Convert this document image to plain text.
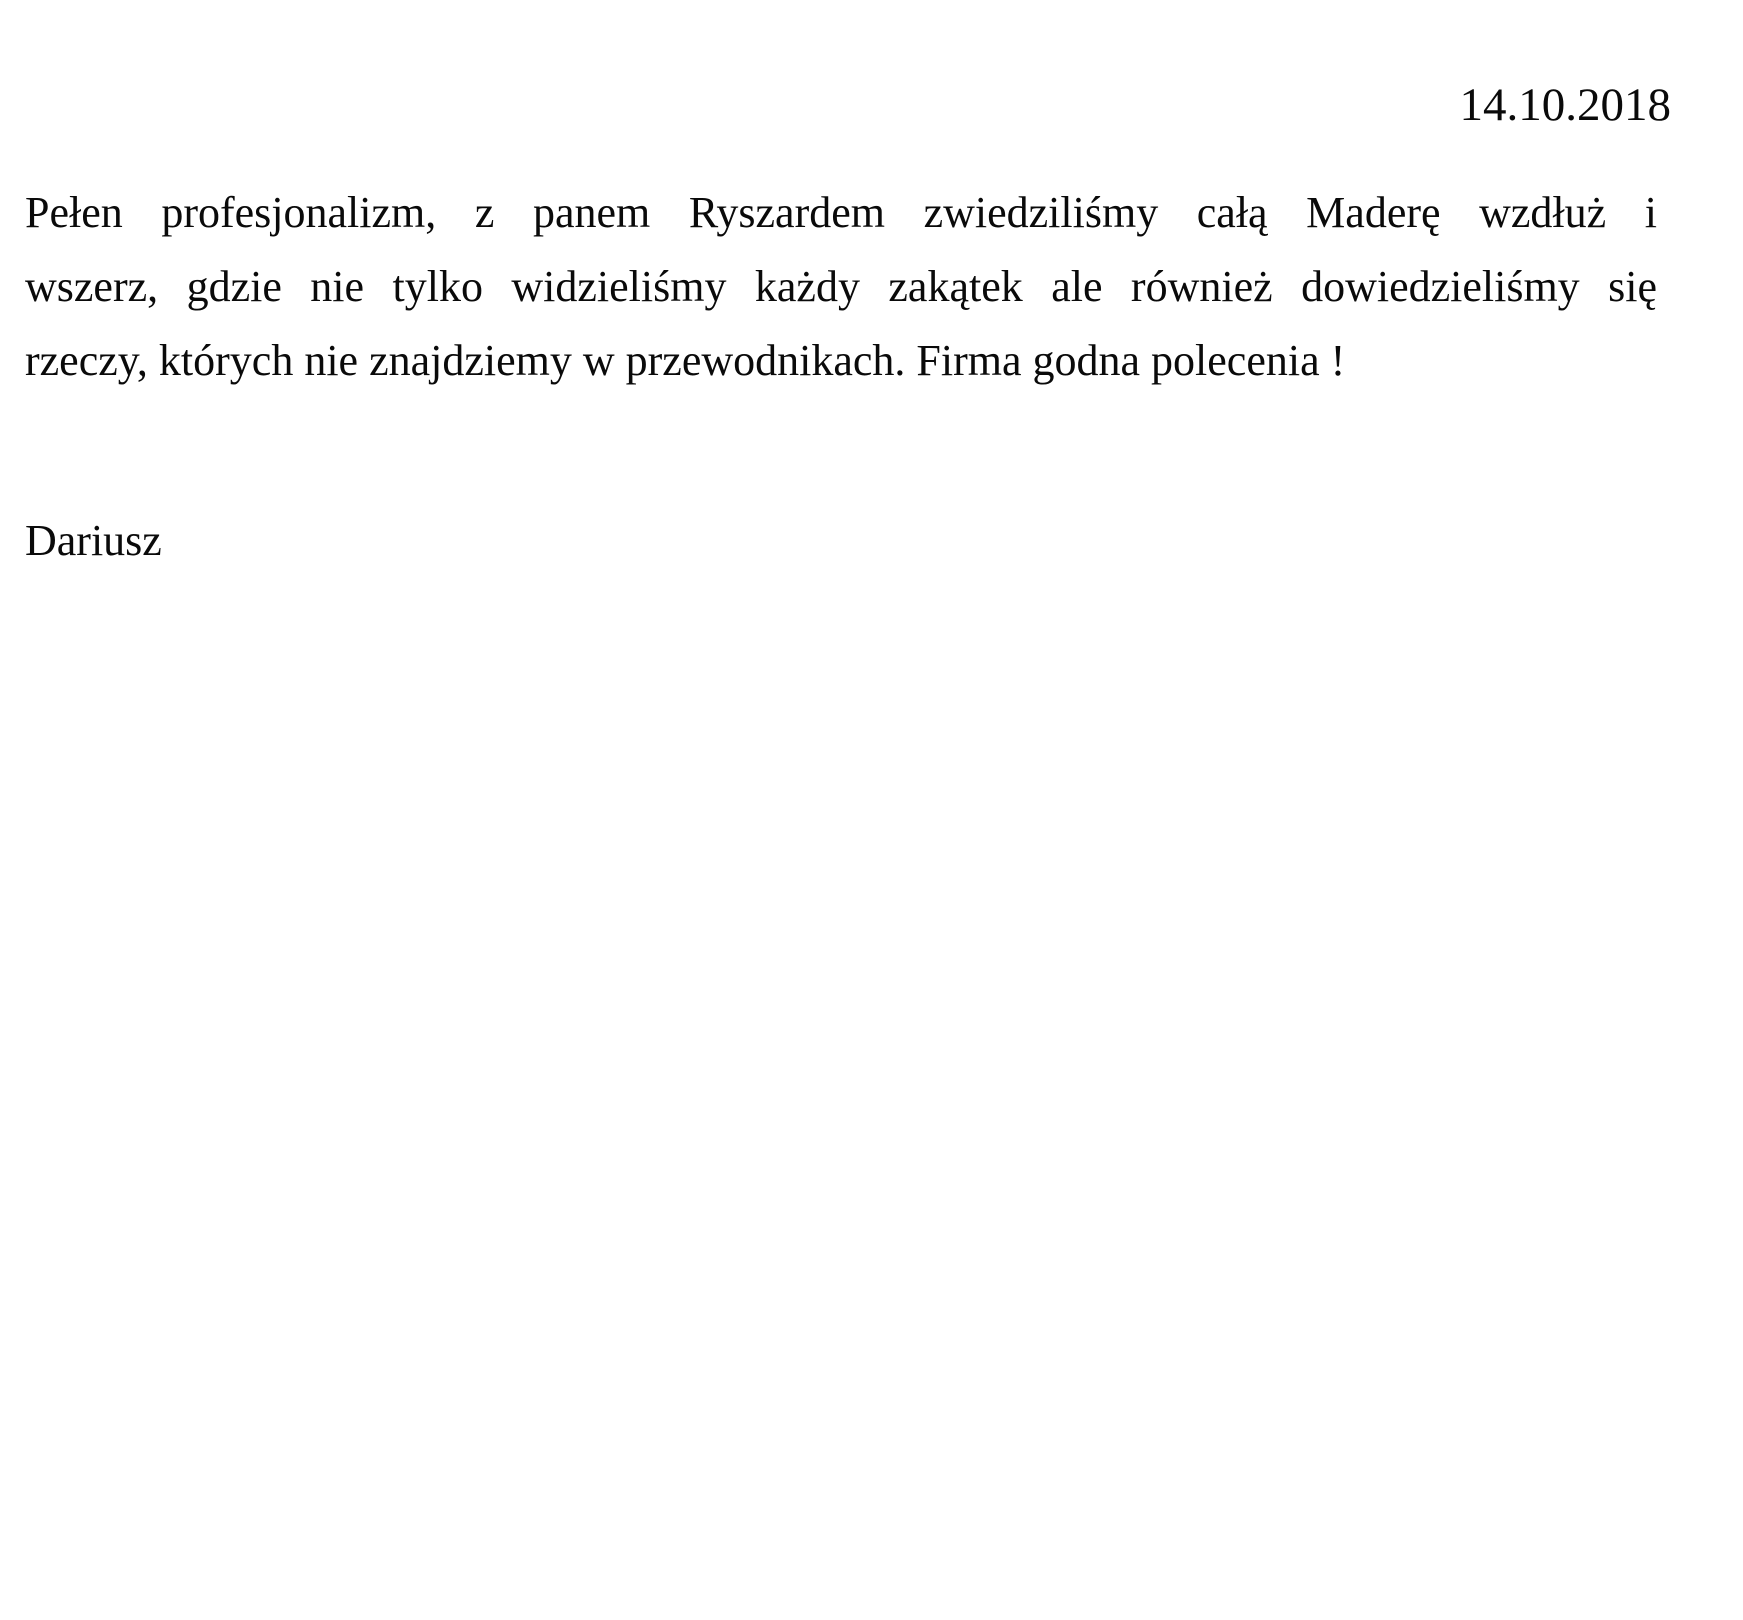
14.10.2018
Pełen profesjonalizm, z panem Ryszardem zwiedziliśmy całą Maderę wzdłuż i
wszerz, gdzie nie tylko widzieliśmy każdy zakątek ale również dowiedzieliśmy się
rzeczy, których nie znajdziemy w przewodnikach. Firma godna polecenia !
Dariusz
